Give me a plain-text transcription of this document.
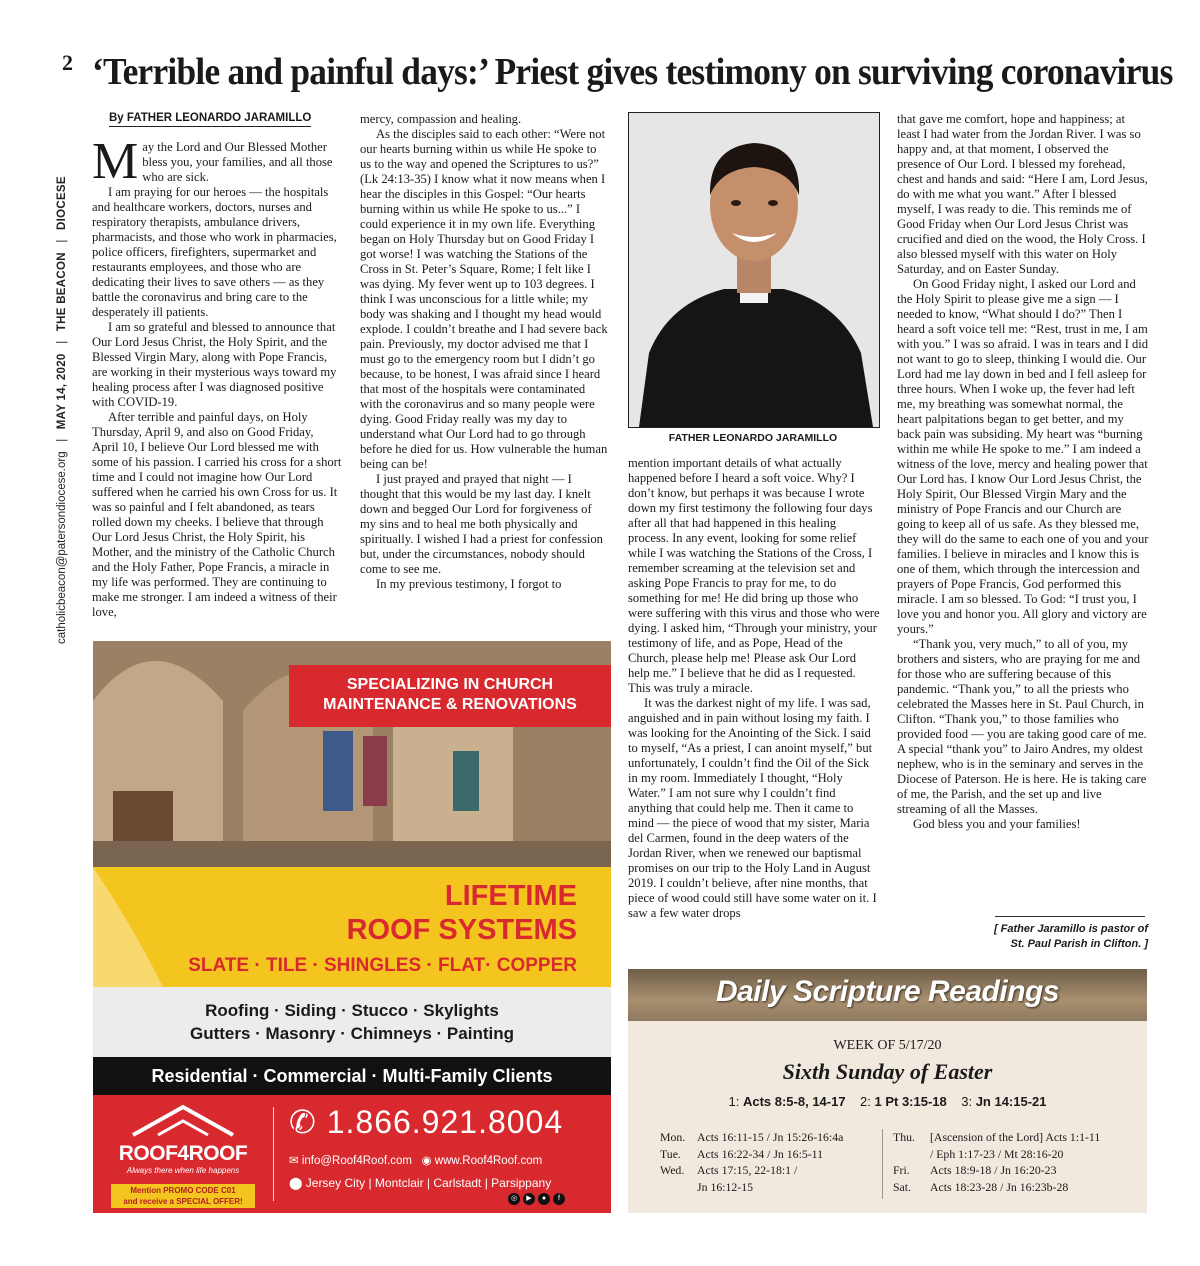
2
catholicbeacon@patersondiocese.org   |   MAY 14, 2020   |   THE BEACON   |   DIOCESE
‘Terrible and painful days:’ Priest gives testimony on surviving coronavirus
By FATHER LEONARDO JARAMILLO

May the Lord and Our Blessed Mother bless you, your families, and all those who are sick.

I am praying for our heroes — the hospitals and healthcare workers, doctors, nurses and respiratory therapists, ambulance drivers, pharmacists, and those who work in pharmacies, police officers, firefighters, supermarket and restaurants employees, and those who are dedicating their lives to save others — as they battle the coronavirus and bring care to the desperately ill patients.

I am so grateful and blessed to announce that Our Lord Jesus Christ, the Holy Spirit, and the Blessed Virgin Mary, along with Pope Francis, are working in their mysterious ways toward my healing process after I was diagnosed positive with COVID-19.

After terrible and painful days, on Holy Thursday, April 9, and also on Good Friday, April 10, I believe Our Lord blessed me with some of his passion. I carried his cross for a short time and I could not imagine how Our Lord suffered when he carried his own Cross for us. It was so painful and I felt abandoned, as tears rolled down my cheeks. I believe that through Our Lord Jesus Christ, the Holy Spirit, his Mother, and the ministry of the Catholic Church and the Holy Father, Pope Francis, a miracle in my life was performed. They are continuing to make me stronger. I am indeed a witness of their love,

mercy, compassion and healing.

As the disciples said to each other: “Were not our hearts burning within us while He spoke to us to the way and opened the Scriptures to us?” (Lk 24:13-35) I know what it now means when I hear the disciples in this Gospel: “Our hearts burning within us while He spoke to us...” I could experience it in my own life. Everything began on Holy Thursday but on Good Friday I got worse! I was watching the Stations of the Cross in St. Peter’s Square, Rome; I felt like I was dying. My fever went up to 103 degrees. I think I was unconscious for a little while; my body was shaking and I thought my head would explode. I couldn’t breathe and I had severe back pain. Previously, my doctor advised me that I must go to the emergency room but I didn’t go because, to be honest, I was afraid since I heard that most of the hospitals were contaminated with the coronavirus and so many people were dying. Good Friday really was my day to understand what Our Lord had to go through before he died for us. How vulnerable the human being can be!

I just prayed and prayed that night — I thought that this would be my last day. I knelt down and begged Our Lord for forgiveness of my sins and to heal me both physically and spiritually. I wished I had a priest for confession but, under the circumstances, nobody should come to see me.

In my previous testimony, I forgot to

FATHER LEONARDO JARAMILLO

mention important details of what actually happened before I heard a soft voice. Why? I don’t know, but perhaps it was because I wrote down my first testimony the following four days after all that had happened in this healing process. In any event, looking for some relief while I was watching the Stations of the Cross, I remember screaming at the television set and asking Pope Francis to pray for me, to do something for me! He did bring up those who were suffering with this virus and those who were dying. I asked him, “Through your ministry, your testimony of life, and as Pope, Head of the Church, please help me! Please ask Our Lord help me.” I believe that he did as I requested. This was truly a miracle.

It was the darkest night of my life. I was sad, anguished and in pain without losing my faith. I was looking for the Anointing of the Sick. I said to myself, “As a priest, I can anoint myself,” but unfortunately, I couldn’t find the Oil of the Sick in my room. Immediately I thought, “Holy Water.” I am not sure why I couldn’t find anything that could help me. Then it came to mind — the piece of wood that my sister, Maria del Carmen, found in the deep waters of the Jordan River, when we renewed our baptismal promises on our trip to the Holy Land in August 2019. I couldn’t believe, after nine months, that piece of wood could still have some water on it. I saw a few water drops

that gave me comfort, hope and happiness; at least I had water from the Jordan River. I was so happy and, at that moment, I observed the presence of Our Lord. I blessed my forehead, chest and hands and said: “Here I am, Lord Jesus, do with me what you want.” After I blessed myself, I was ready to die. This reminds me of Good Friday when Our Lord Jesus Christ was crucified and died on the wood, the Holy Cross. I also blessed myself with this water on Holy Saturday, and on Easter Sunday.

On Good Friday night, I asked our Lord and the Holy Spirit to please give me a sign — I needed to know, “What should I do?” Then I heard a soft voice tell me: “Rest, trust in me, I am with you.” I was so afraid. I was in tears and I did not want to go to sleep, thinking I would die. Our Lord had me lay down in bed and I fell asleep for three hours. When I woke up, the fever had left me, my breathing was somewhat normal, the heart palpitations began to get better, and my back pain was subsiding. My heart was “burning within me while He spoke to me.” I am indeed a witness of the love, mercy and healing power that Our Lord has. I know Our Lord Jesus Christ, the Holy Spirit, Our Blessed Virgin Mary and the ministry of Pope Francis and our Church are going to keep all of us safe. As they blessed me, they will do the same to each one of you and your families. I believe in miracles and I know this is one of them, which through the intercession and prayers of Pope Francis, God performed this miracle. I am so blessed. To God: “I trust you, I love you and honor you. All glory and victory are yours.”

“Thank you, very much,” to all of you, my brothers and sisters, who are praying for me and for those who are suffering because of this pandemic. “Thank you,” to all the priests who celebrated the Masses here in St. Paul Church, in Clifton. “Thank you,” to those families who provided food — you are taking good care of me. A special “thank you” to Jairo Andres, my oldest nephew, who is in the seminary and serves in the Diocese of Paterson. He is here. He is taking care of me, the Parish, and the set up and live streaming of all the Masses.

God bless you and your families!

[ Father Jaramillo is pastor of
St. Paul Parish in Clifton. ]
SPECIALIZING IN CHURCH
MAINTENANCE & RENOVATIONS
LIFETIME
ROOF SYSTEMS
SLATE · TILE · SHINGLES · FLAT· COPPER
Roofing · Siding · Stucco · Skylights
Gutters · Masonry · Chimneys · Painting
Residential · Commercial · Multi-Family Clients
ROOF4ROOF
Always there when life happens
Mention PROMO CODE C01
and receive a SPECIAL OFFER!
✆ 1.866.921.8004
✉ info@Roof4Roof.com ◉ www.Roof4Roof.com
⬤ Jersey City | Montclair | Carlstadt | Parsippany
◎	▶	●	f
Daily Scripture Readings
WEEK OF 5/17/20
Sixth Sunday of Easter
1: Acts 8:5-8, 14-17 2: 1 Pt 3:15-18 3: Jn 14:15-21
Mon. Acts 16:11-15 / Jn 15:26-16:4a
Tue. Acts 16:22-34 / Jn 16:5-11
Wed. Acts 17:15, 22-18:1 /
Jn 16:12-15
Thu. [Ascension of the Lord] Acts 1:1-11
/ Eph 1:17-23 / Mt 28:16-20
Fri. Acts 18:9-18 / Jn 16:20-23
Sat. Acts 18:23-28 / Jn 16:23b-28
